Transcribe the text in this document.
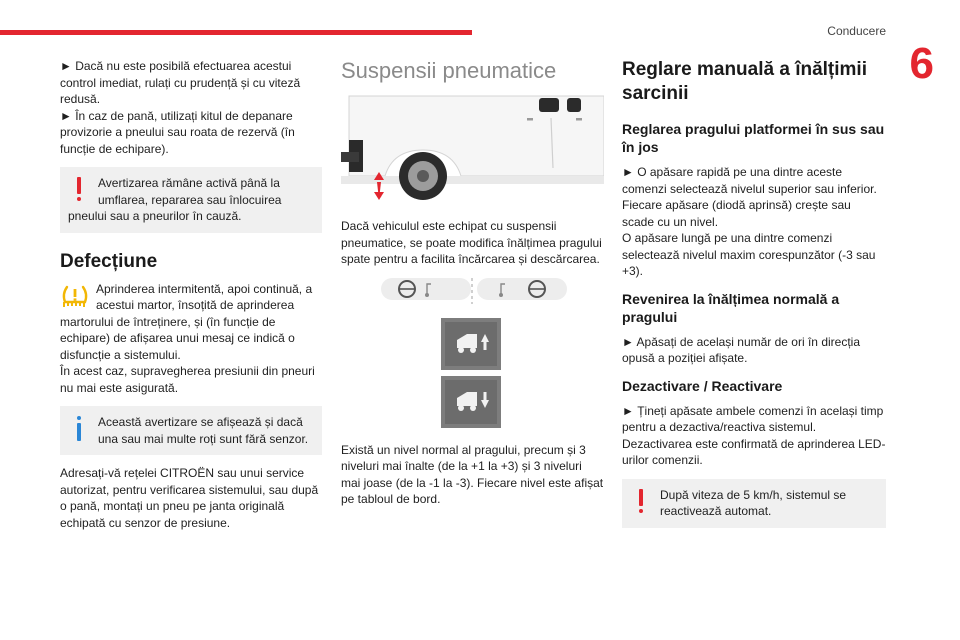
Conducere
6

► Dacă nu este posibilă efectuarea acestui control imediat, rulați cu prudență și cu viteză redusă.

► În caz de pană, utilizați kitul de depanare provizorie a pneului sau roata de rezervă (în funcție de echipare).

Avertizarea rămâne activă până la umflarea, repararea sau înlocuirea pneului sau a pneurilor în cauză.
Defecțiune

Aprinderea intermitentă, apoi continuă, a acestui martor, însoțită de aprinderea martorului de întreținere, și (în funcție de echipare) de afișarea unui mesaj ce indică o disfuncție a sistemului.

În acest caz, supravegherea presiunii din pneuri nu mai este asigurată.

Această avertizare se afișează și dacă una sau mai multe roți sunt fără senzor.

Adresați-vă rețelei CITROËN sau unui service autorizat, pentru verificarea sistemului, sau după o pană, montați un pneu pe janta originală echipată cu senzor de presiune.

Suspensii pneumatice

Dacă vehiculul este echipat cu suspensii pneumatice, se poate modifica înălțimea pragului spate pentru a facilita încărcarea și descărcarea.

Există un nivel normal al pragului, precum și 3 niveluri mai înalte (de la +1 la +3) și 3 niveluri mai joase (de la -1 la -3). Fiecare nivel este afișat pe tabloul de bord.

Reglare manuală a înălțimii sarcinii
Reglarea pragului platformei în sus sau în jos

► O apăsare rapidă pe una dintre aceste comenzi selectează nivelul superior sau inferior. Fiecare apăsare (diodă aprinsă) crește sau scade cu un nivel.

O apăsare lungă pe una dintre comenzi selectează nivelul maxim corespunzător (-3 sau +3).

Revenirea la înălțimea normală a pragului

► Apăsați de același număr de ori în direcția opusă a poziției afișate.

Dezactivare / Reactivare

► Țineți apăsate ambele comenzi în același timp pentru a dezactiva/reactiva sistemul.

Dezactivarea este confirmată de aprinderea LED-urilor comenzii.

După viteza de 5 km/h, sistemul se reactivează automat.
